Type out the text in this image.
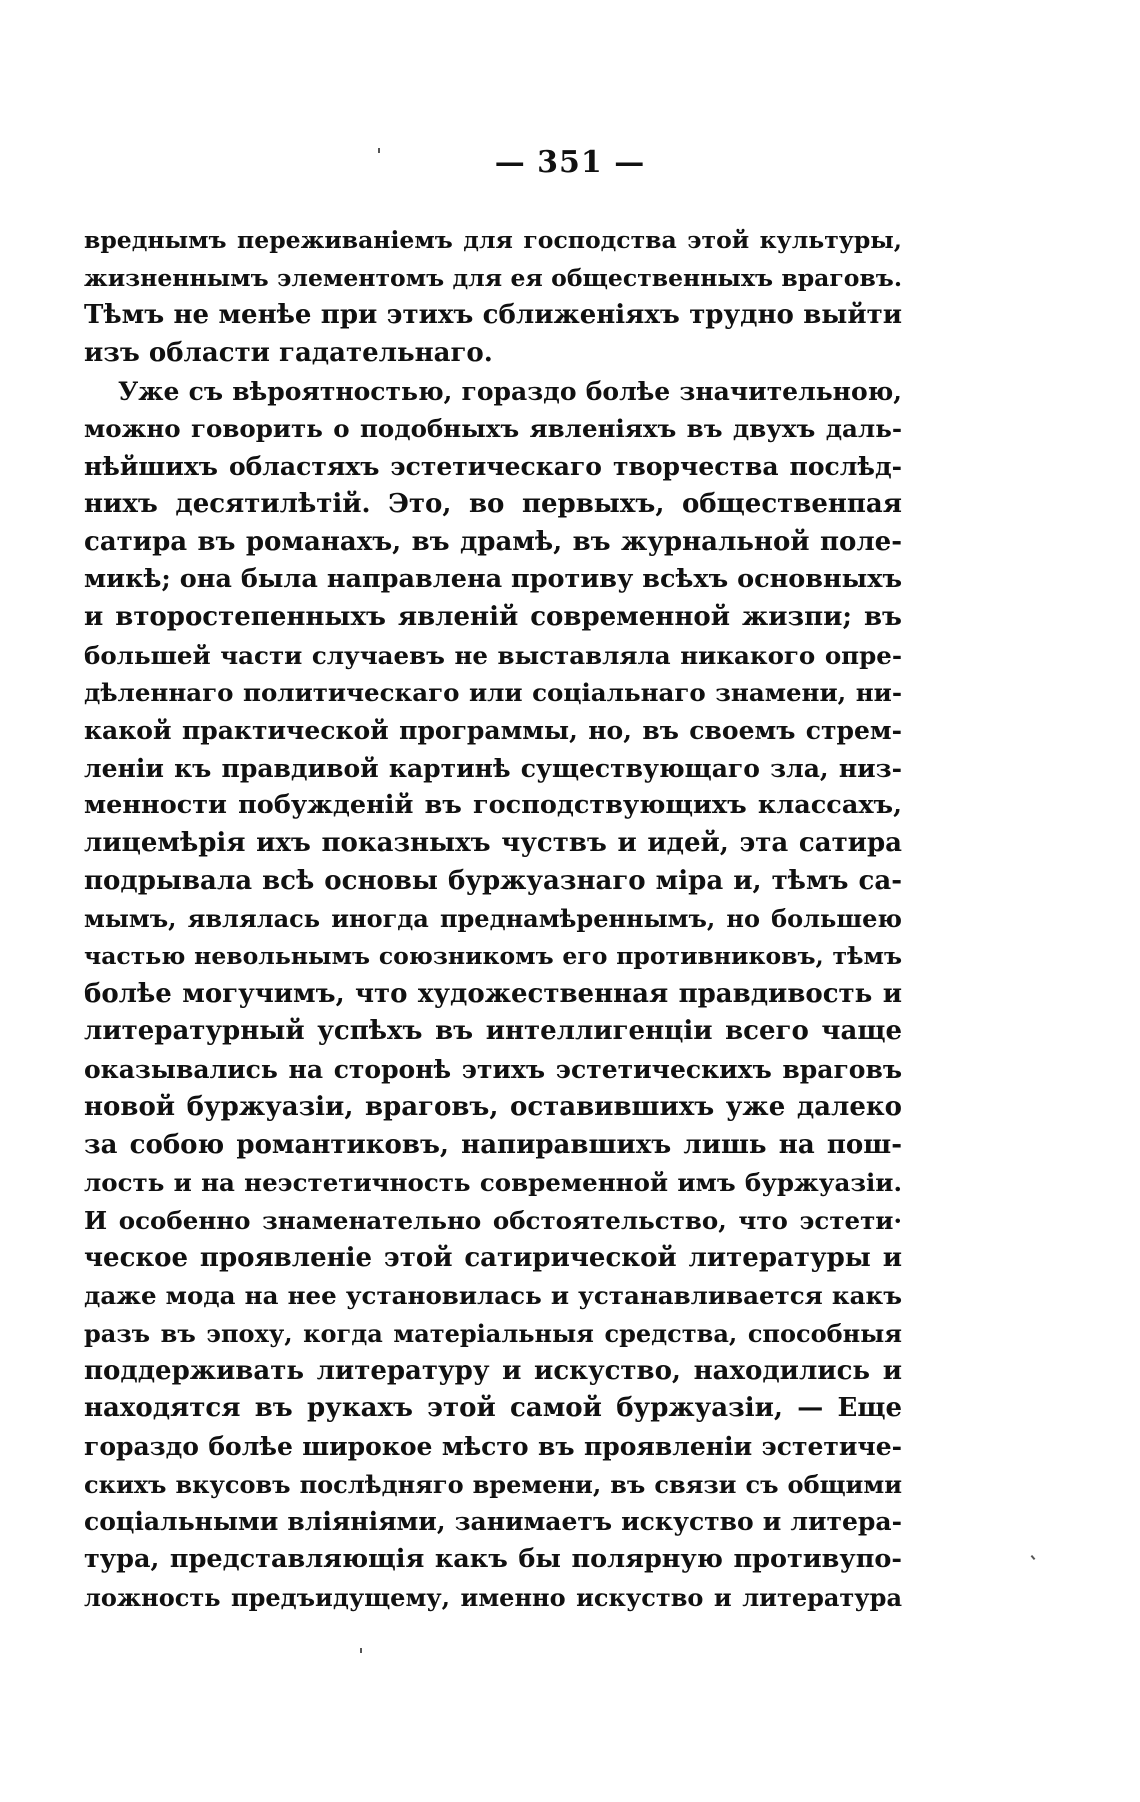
— 351 —
вреднымъ переживаніемъ для господства этой культуры,
жизненнымъ элементомъ для ея общественныхъ враговъ.
Тѣмъ не менѣе при этихъ сближеніяхъ трудно выйти
изъ области гадательнаго.
Уже съ вѣроятностью, гораздо болѣе значительною,
можно говорить о подобныхъ явленіяхъ въ двухъ даль-
нѣйшихъ областяхъ эстетическаго творчества послѣд-
нихъ десятилѣтій. Это, во первыхъ, общественпая
сатира въ романахъ, въ драмѣ, въ журнальной поле-
микѣ; она была направлена противу всѣхъ основныхъ
и второстепенныхъ явленій современной жизпи; въ
большей части случаевъ не выставляла никакого опре-
дѣленнаго политическаго или соціальнаго знамени, ни-
какой практической программы, но, въ своемъ стрем-
леніи къ правдивой картинѣ существующаго зла, низ-
менности побужденій въ господствующихъ классахъ,
лицемѣрія ихъ показныхъ чуствъ и идей, эта сатира
подрывала всѣ основы буржуазнаго міра и, тѣмъ са-
мымъ, являлась иногда преднамѣреннымъ, но большею
частью невольнымъ союзникомъ его противниковъ, тѣмъ
болѣе могучимъ, что художественная правдивость и
литературный успѣхъ въ интеллигенціи всего чаще
оказывались на сторонѣ этихъ эстетическихъ враговъ
новой буржуазіи, враговъ, оставившихъ уже далеко
за собою романтиковъ, напиравшихъ лишь на пош-
лость и на неэстетичность современной имъ буржуазіи.
И особенно знаменательно обстоятельство, что эстети·
ческое проявленіе этой сатирической литературы и
даже мода на нее установилась и устанавливается какъ
разъ въ эпоху, когда матеріальныя средства, способныя
поддерживать литературу и искуство, находились и
находятся въ рукахъ этой самой буржуазіи, — Еще
гораздо болѣе широкое мѣсто въ проявленіи эстетиче-
скихъ вкусовъ послѣдняго времени, въ связи съ общими
соціальными вліяніями, занимаетъ искуство и литера-
тура, представляющія какъ бы полярную противупо-
ложность предъидущему, именно искуство и литература
